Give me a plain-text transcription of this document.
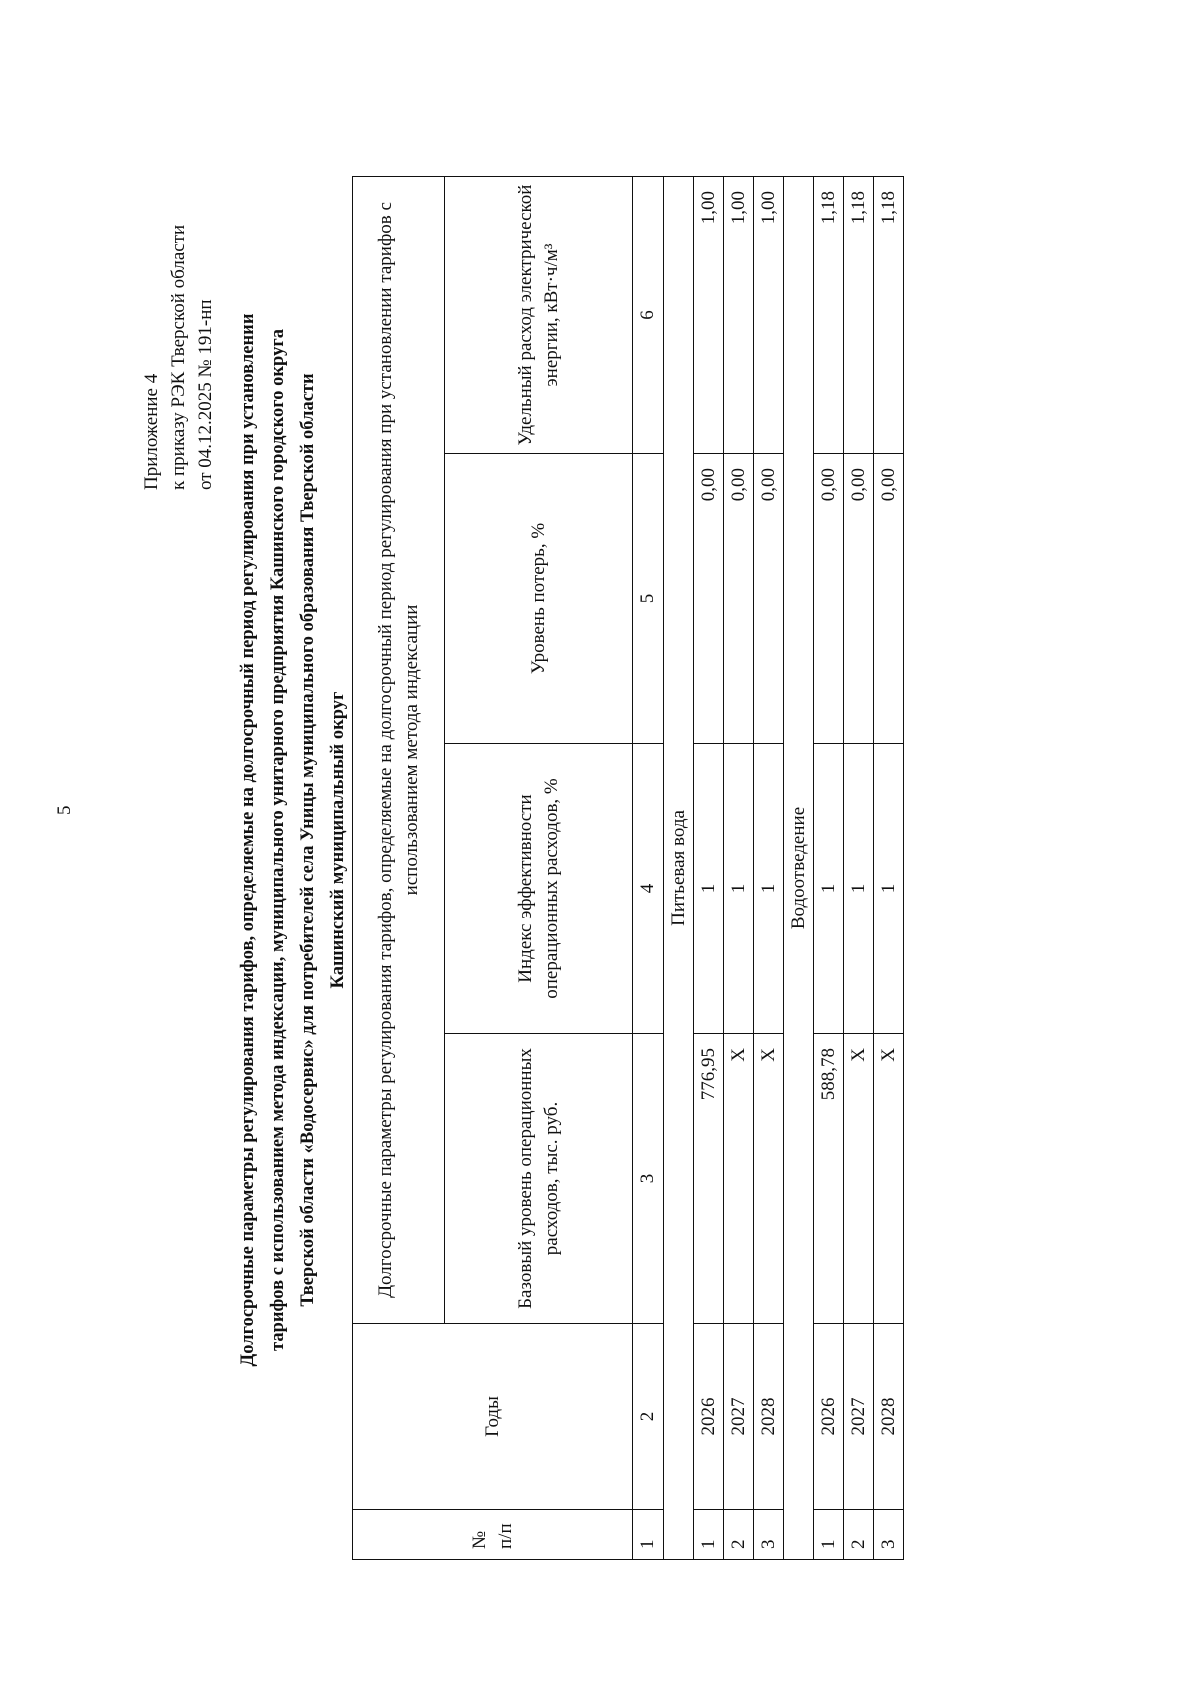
5
Приложение 4 к приказу РЭК Тверской области от 04.12.2025 № 191-нп Долгосрочные параметры регулирования тарифов, определяемые на долгосрочный период регулирования при установлении тарифов с использованием метода индексации, муниципального унитарного предприятия Кашинского городского округа Тверской области «Водосервис» для потребителей села Уницы муниципального образования Тверской области Кашинский муниципальный округ
№ п/п	Годы	Долгосрочные параметры регулирования тарифов, определяемые на долгосрочный период регулирования при установлении тарифов с использованием метода индексации			
		Базовый уровень операционных расходов, тыс. руб.	Индекс эффективности операционных расходов, %	Уровень потерь, %	Удельный расход электрической энергии, кВт·ч/м³
1	2	3	4	5	6
Питьевая вода					
1	2026	776,95	1	0,00	1,00
2	2027	Х	1	0,00	1,00
3	2028	Х	1	0,00	1,00
Водоотведение					
1	2026	588,78	1	0,00	1,18
2	2027	Х	1	0,00	1,18
3	2028	Х	1	0,00	1,18
